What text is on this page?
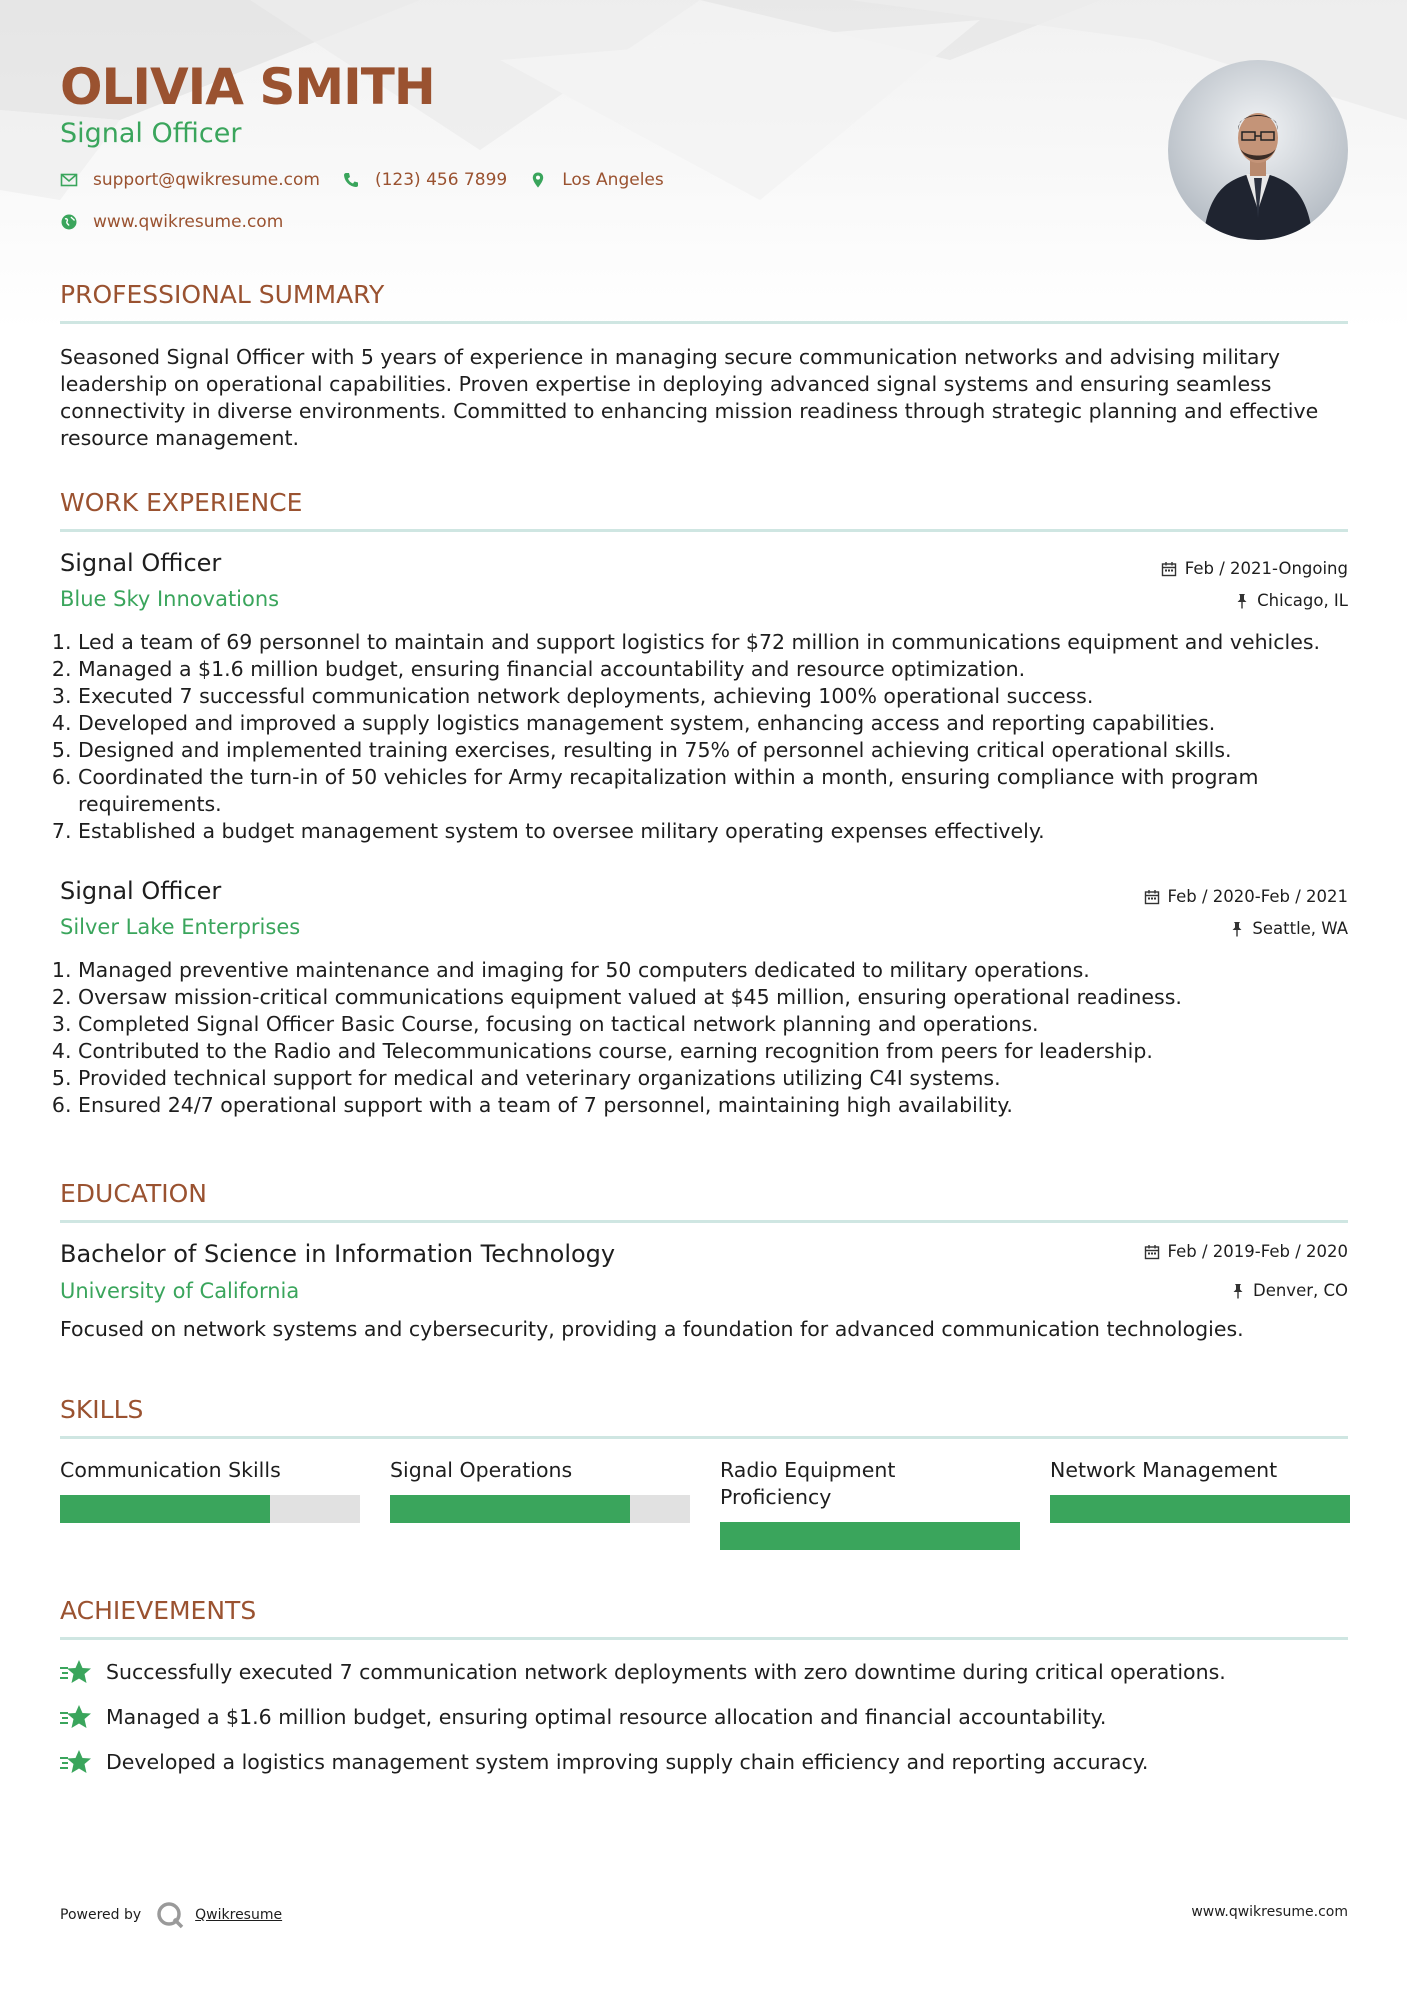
OLIVIA SMITH
Signal Officer
support@qwikresume.com	(123) 456 7899	Los Angeles
www.qwikresume.com
PROFESSIONAL SUMMARY
Seasoned Signal Officer with 5 years of experience in managing secure communication networks and advising military leadership on operational capabilities. Proven expertise in deploying advanced signal systems and ensuring seamless connectivity in diverse environments. Committed to enhancing mission readiness through strategic planning and effective resource management.
WORK EXPERIENCE
Signal Officer	Feb / 2021-Ongoing
Blue Sky Innovations	Chicago, IL
1. Led a team of 69 personnel to maintain and support logistics for $72 million in communications equipment and vehicles.
2. Managed a $1.6 million budget, ensuring financial accountability and resource optimization.
3. Executed 7 successful communication network deployments, achieving 100% operational success.
4. Developed and improved a supply logistics management system, enhancing access and reporting capabilities.
5. Designed and implemented training exercises, resulting in 75% of personnel achieving critical operational skills.
6. Coordinated the turn-in of 50 vehicles for Army recapitalization within a month, ensuring compliance with program requirements.
7. Established a budget management system to oversee military operating expenses effectively.
Signal Officer	Feb / 2020-Feb / 2021
Silver Lake Enterprises	Seattle, WA
1. Managed preventive maintenance and imaging for 50 computers dedicated to military operations.
2. Oversaw mission-critical communications equipment valued at $45 million, ensuring operational readiness.
3. Completed Signal Officer Basic Course, focusing on tactical network planning and operations.
4. Contributed to the Radio and Telecommunications course, earning recognition from peers for leadership.
5. Provided technical support for medical and veterinary organizations utilizing C4I systems.
6. Ensured 24/7 operational support with a team of 7 personnel, maintaining high availability.
EDUCATION
Bachelor of Science in Information Technology	Feb / 2019-Feb / 2020
University of California	Denver, CO
Focused on network systems and cybersecurity, providing a foundation for advanced communication technologies.
SKILLS
Communication Skills	Signal Operations	Radio Equipment Proficiency
Network Management
ACHIEVEMENTS
Successfully executed 7 communication network deployments with zero downtime during critical operations.
Managed a $1.6 million budget, ensuring optimal resource allocation and financial accountability.
Developed a logistics management system improving supply chain efficiency and reporting accuracy.
Powered by	Qwikresume	www.qwikresume.com
